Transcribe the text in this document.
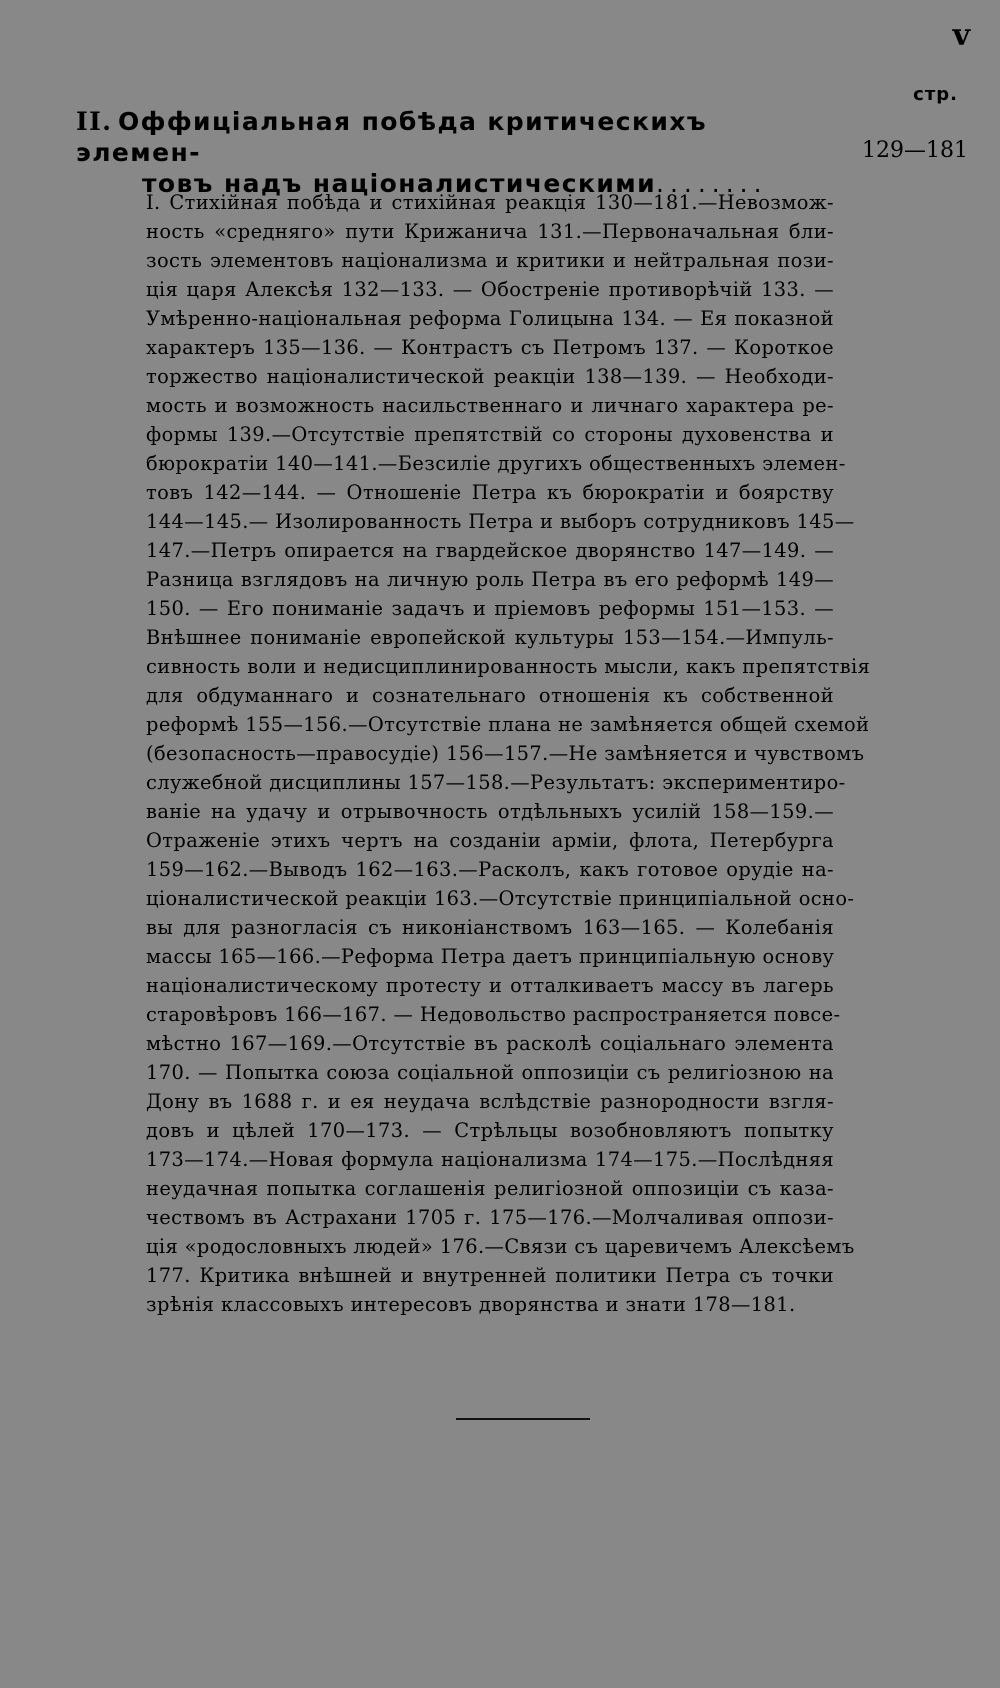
v
стр.
II. Оффиціальная побѣда критическихъ элемен-
товъ надъ націоналистическими........
129—181
I. Стихійная побѣда и стихійная реакція 130—181.—Невозмож-
ность «средняго» пути Крижанича 131.—Первоначальная бли-
зость элементовъ націонализма и критики и нейтральная пози-
ція царя Алексѣя 132—133. — Обостреніе противорѣчій 133. —
Умѣренно-національная реформа Голицына 134. — Ея показной
характеръ 135—136. — Контрастъ съ Петромъ 137. — Короткое
торжество націоналистической реакціи 138—139. — Необходи-
мость и возможность насильственнаго и личнаго характера ре-
формы 139.—Отсутствіе препятствій со стороны духовенства и
бюрократіи 140—141.—Безсиліе другихъ общественныхъ элемен-
товъ 142—144. — Отношеніе Петра къ бюрократіи и боярству
144—145.— Изолированность Петра и выборъ сотрудниковъ 145—
147.—Петръ опирается на гвардейское дворянство 147—149. —
Разница взглядовъ на личную роль Петра въ его реформѣ 149—
150. — Его пониманіе задачъ и пріемовъ реформы 151—153. —
Внѣшнее пониманіе европейской культуры 153—154.—Импуль-
сивность воли и недисциплинированность мысли, какъ препятствія
для обдуманнаго и сознательнаго отношенія къ собственной
реформѣ 155—156.—Отсутствіе плана не замѣняется общей схемой
(безопасность—правосудіе) 156—157.—Не замѣняется и чувствомъ
служебной дисциплины 157—158.—Результатъ: экспериментиро-
ваніе на удачу и отрывочность отдѣльныхъ усилій 158—159.—
Отраженіе этихъ чертъ на созданіи арміи, флота, Петербурга
159—162.—Выводъ 162—163.—Расколъ, какъ готовое орудіе на-
ціоналистической реакціи 163.—Отсутствіе принципіальной осно-
вы для разногласія съ никоніанствомъ 163—165. — Колебанія
массы 165—166.—Реформа Петра даетъ принципіальную основу
націоналистическому протесту и отталкиваетъ массу въ лагерь
старовѣровъ 166—167. — Недовольство распространяется повсе-
мѣстно 167—169.—Отсутствіе въ расколѣ соціальнаго элемента
170. — Попытка союза соціальной оппозиціи съ религіозною на
Дону въ 1688 г. и ея неудача вслѣдствіе разнородности взгля-
довъ и цѣлей 170—173. — Стрѣльцы возобновляютъ попытку
173—174.—Новая формула націонализма 174—175.—Послѣдняя
неудачная попытка соглашенія религіозной оппозиціи съ каза-
чествомъ въ Астрахани 1705 г. 175—176.—Молчаливая оппози-
ція «родословныхъ людей» 176.—Связи съ царевичемъ Алексѣемъ
177. Критика внѣшней и внутренней политики Петра съ точки
зрѣнія классовыхъ интересовъ дворянства и знати 178—181.
